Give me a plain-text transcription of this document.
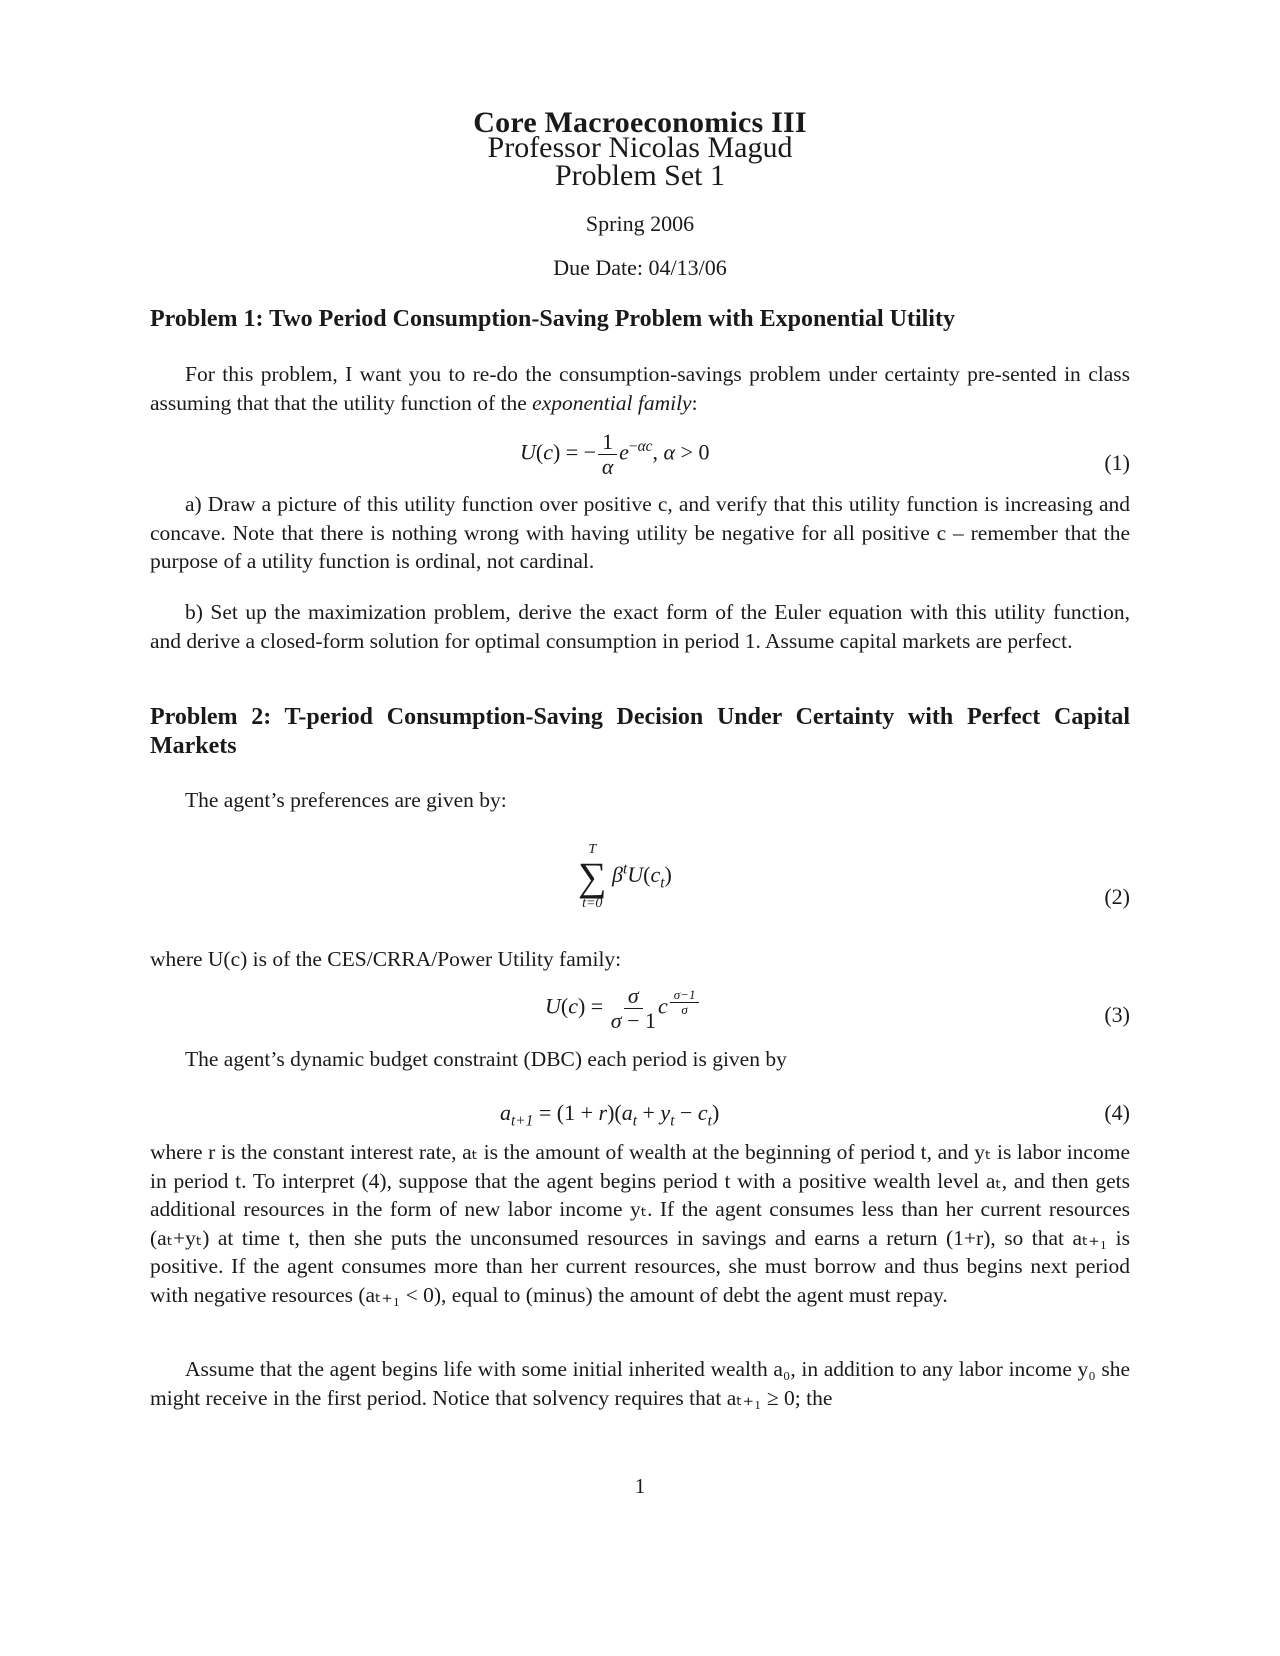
Core Macroeconomics III
Professor Nicolas Magud
Problem Set 1
Spring 2006
Due Date: 04/13/06
Problem 1: Two Period Consumption-Saving Problem with Exponential Utility
For this problem, I want you to re-do the consumption-savings problem under certainty pre-sented in class assuming that that the utility function of the exponential family:
U(c) = − $\frac{1}{\alpha} e^{-\alpha c}$, α > 0	(1)
a) Draw a picture of this utility function over positive c, and verify that this utility function is increasing and concave. Note that there is nothing wrong with having utility be negative for all positive c – remember that the purpose of a utility function is ordinal, not cardinal.
b) Set up the maximization problem, derive the exact form of the Euler equation with this utility function, and derive a closed-form solution for optimal consumption in period 1. Assume capital markets are perfect.
Problem 2: T-period Consumption-Saving Decision Under Certainty with Perfect Capital Markets
The agent’s preferences are given by:
T
∑
t=0
$\beta^tU(c_t)$
(2)
where U(c) is of the CES/CRRA/Power Utility family:
$U(c) = \frac{\sigma}{\sigma - 1}$ c $^{\frac{\sigma-1}{\sigma}}$	(3)
The agent’s dynamic budget constraint (DBC) each period is given by
$a_{t+1} = (1 + r)(a_t + y_t - c_t)$	(4)
where r is the constant interest rate, aₜ is the amount of wealth at the beginning of period t, and yₜ is labor income in period t. To interpret (4), suppose that the agent begins period t with a positive wealth level aₜ, and then gets additional resources in the form of new labor income yₜ. If the agent consumes less than her current resources (aₜ+yₜ) at time t, then she puts the unconsumed resources in savings and earns a return (1+r), so that aₜ₊₁ is positive. If the agent consumes more than her current resources, she must borrow and thus begins next period with negative resources (aₜ₊₁ < 0), equal to (minus) the amount of debt the agent must repay.
Assume that the agent begins life with some initial inherited wealth a₀, in addition to any labor income y₀ she might receive in the first period. Notice that solvency requires that aₜ₊₁ ≥ 0; the
1
